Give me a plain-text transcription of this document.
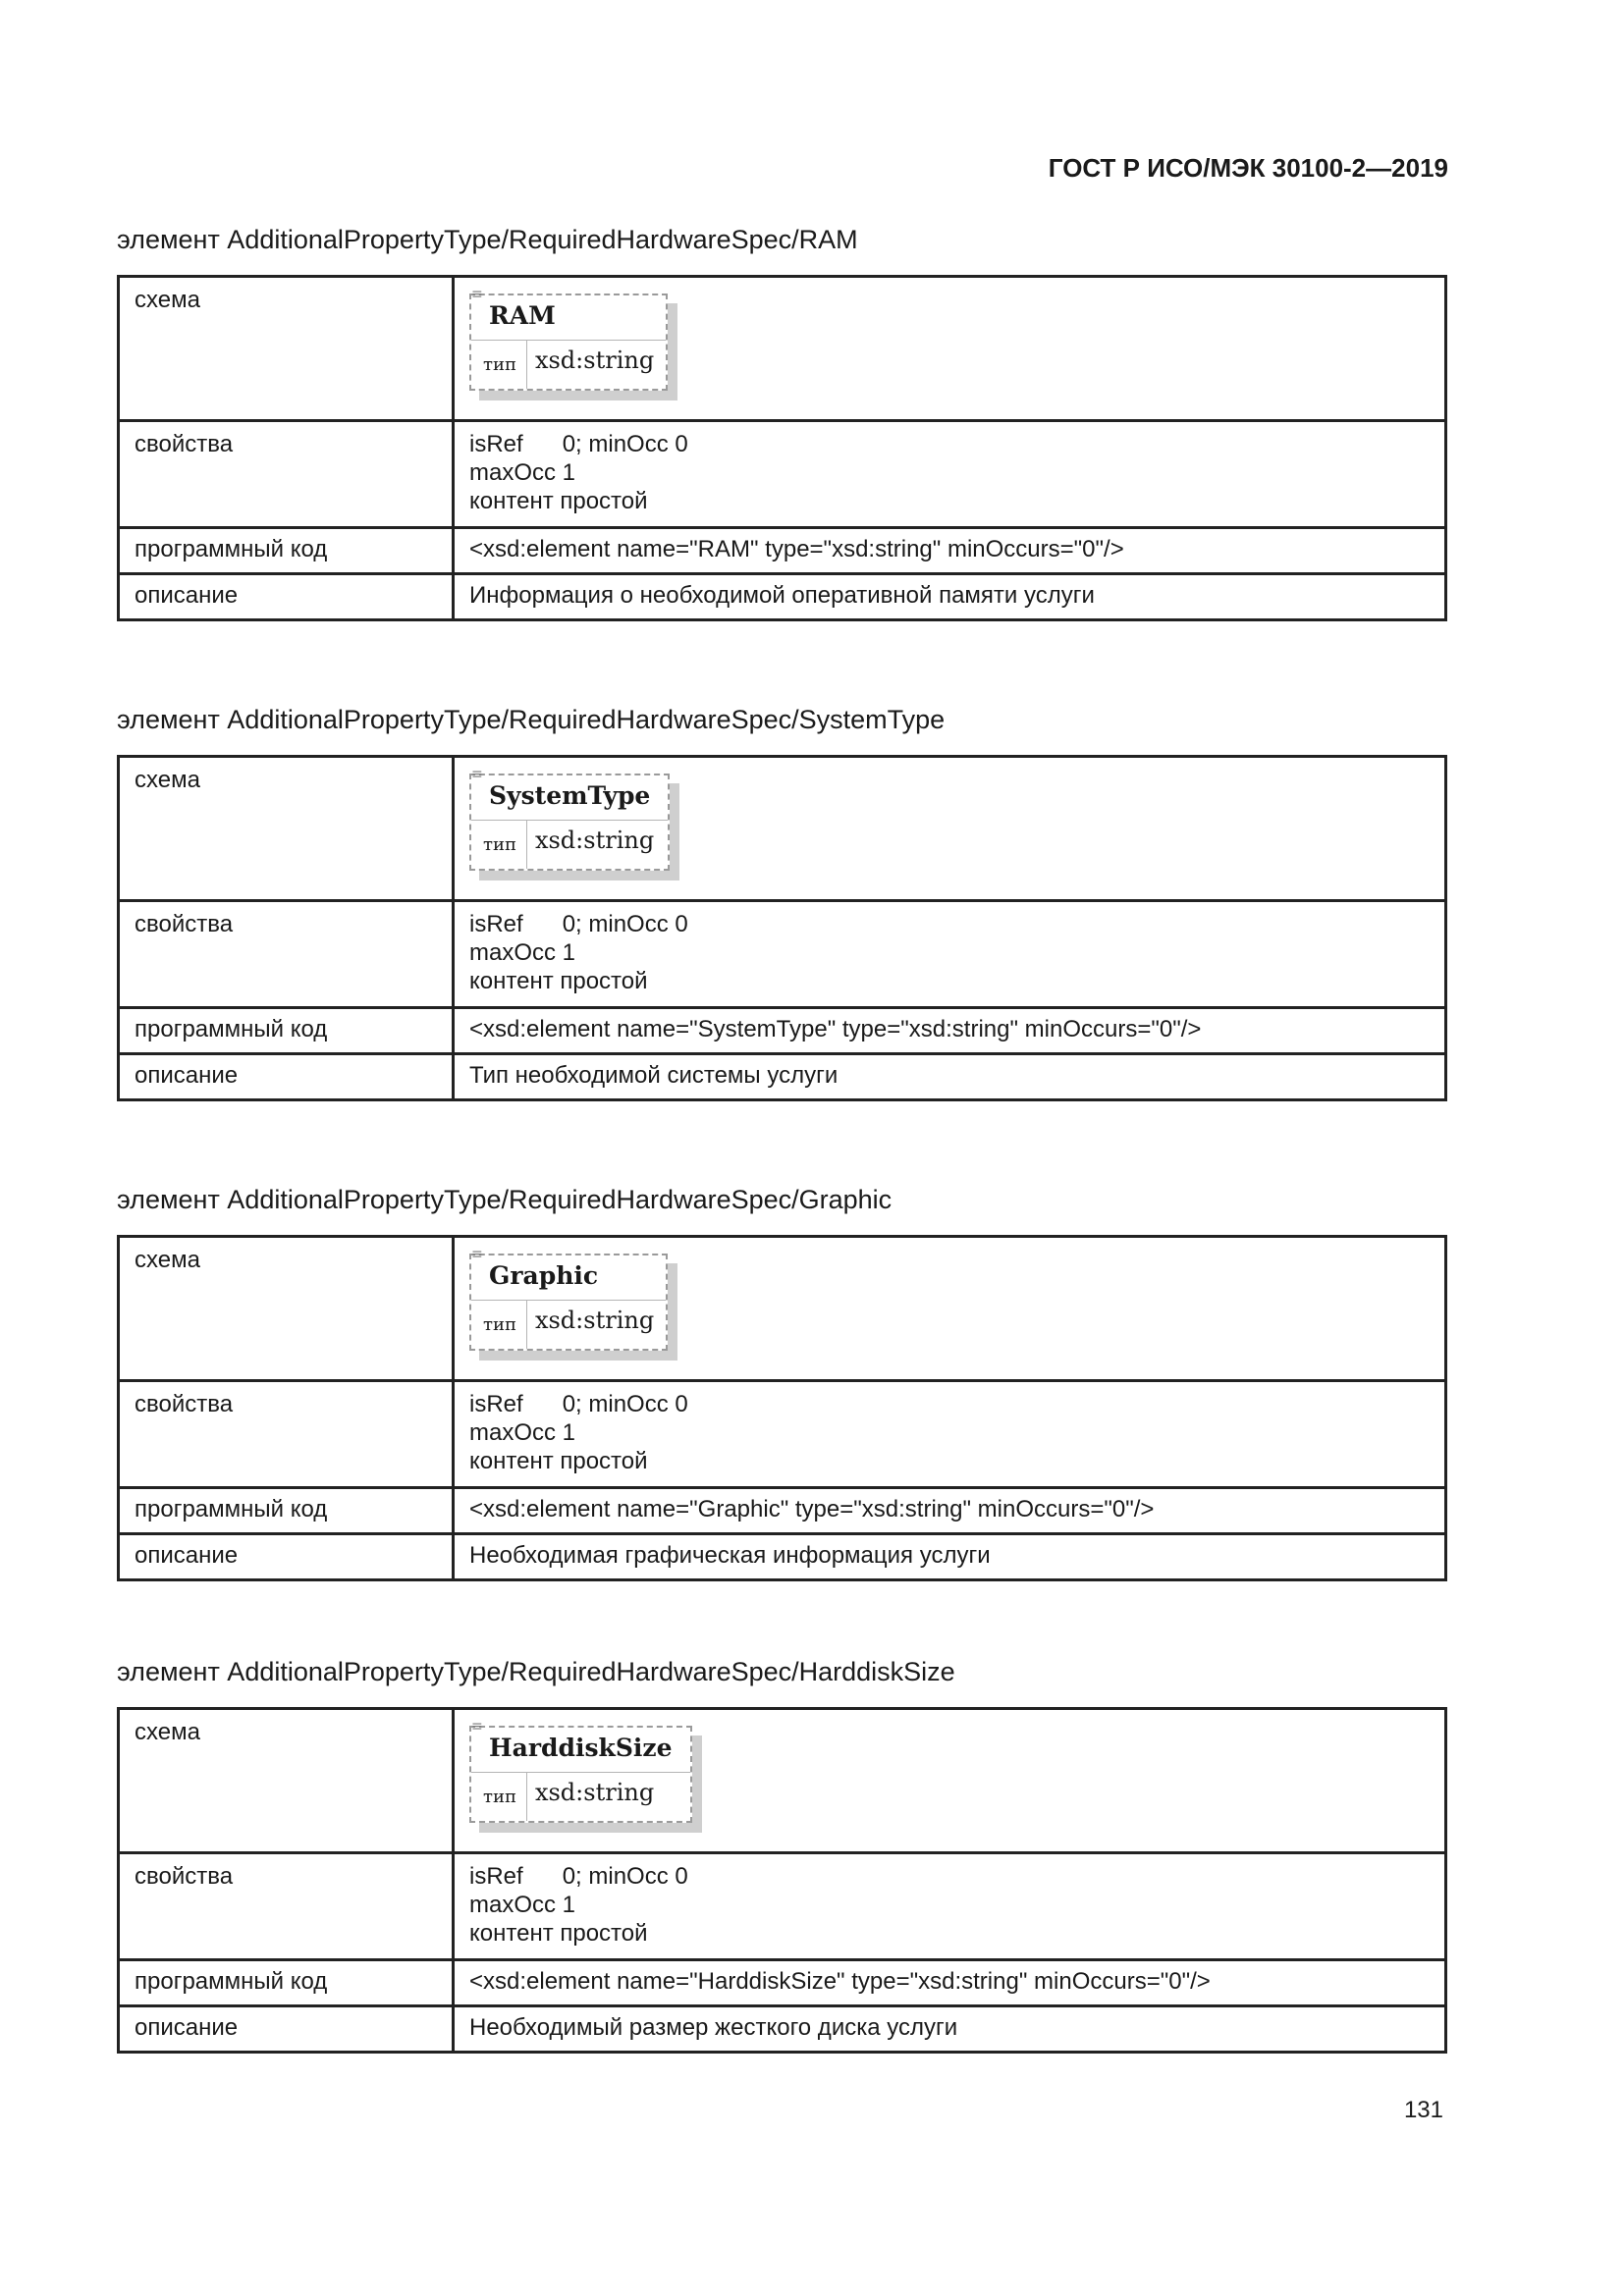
ГОСТ Р ИСО/МЭК 30100-2—2019
элемент AdditionalPropertyType/RequiredHardwareSpec/RAM
схема	≡
RAM
тип xsd:string

свойства	isRef 0; minOcc 0
maxOcc 1
контент простой

программный код	<xsd:element name="RAM" type="xsd:string" minOccurs="0"/>
описание	Информация о необходимой оперативной памяти услуги
элемент AdditionalPropertyType/RequiredHardwareSpec/SystemType
схема	≡
SystemType
тип xsd:string

свойства	isRef 0; minOcc 0
maxOcc 1
контент простой

программный код	<xsd:element name="SystemType" type="xsd:string" minOccurs="0"/>
описание	Тип необходимой системы услуги
элемент AdditionalPropertyType/RequiredHardwareSpec/Graphic
схема	≡
Graphic
тип xsd:string

свойства	isRef 0; minOcc 0
maxOcc 1
контент простой

программный код	<xsd:element name="Graphic" type="xsd:string" minOccurs="0"/>
описание	Необходимая графическая информация услуги
элемент AdditionalPropertyType/RequiredHardwareSpec/HarddiskSize
схема	≡
HarddiskSize
тип xsd:string

свойства	isRef 0; minOcc 0
maxOcc 1
контент простой

программный код	<xsd:element name="HarddiskSize" type="xsd:string" minOccurs="0"/>
описание	Необходимый размер жесткого диска услуги
131
